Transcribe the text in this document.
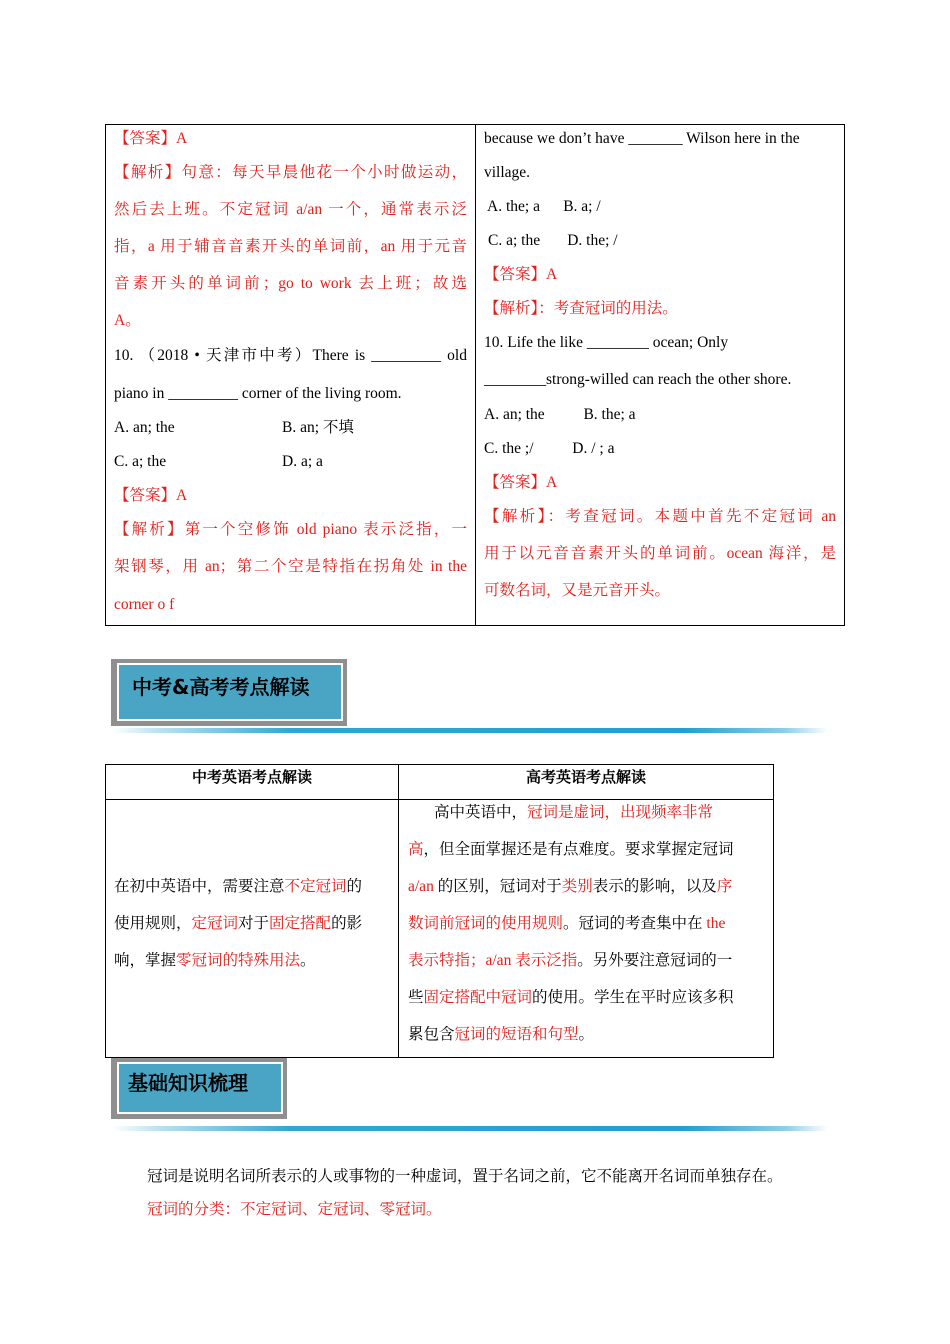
【答案】A
【解析】句意：每天早晨他花一个小时做运动，
然后去上班。不定冠词 a/an 一个，通常表示泛
指，a 用于辅音音素开头的单词前，an 用于元音
音素开头的单词前；go to work 去上班；故选
A。
10. （2018 • 天津市中考）There is _________ old
piano in _________ corner of the living room.
A. an; the	B. an; 不填
C. a; the	D. a; a
【答案】A
【解析】第一个空修饰 old piano 表示泛指，一
架钢琴，用 an；第二个空是特指在拐角处 in the
corner o f
because we don’t have _______ Wilson here in the
village.
A. the; a      B. a; /
C. a; the       D. the; /
【答案】A
【解析】：考查冠词的用法。
10. Life the like ________ ocean; Only
________strong-willed can reach the other shore.
A. an; the          B. the; a
C. the ;/          D. / ; a
【答案】A
【解析】：考查冠词。本题中首先不定冠词 an
用于以元音音素开头的单词前。ocean 海洋，是
可数名词，又是元音开头。
中考&高考考点解读
中考英语考点解读	高考英语考点解读
在初中英语中，需要注意不定冠词的
使用规则，定冠词对于固定搭配的影
响，掌握零冠词的特殊用法。
高中英语中，冠词是虚词，出现频率非常
高，但全面掌握还是有点难度。要求掌握定冠词
a/an 的区别，冠词对于类别表示的影响，以及序
数词前冠词的使用规则。冠词的考查集中在 the
表示特指；a/an 表示泛指。另外要注意冠词的一
些固定搭配中冠词的使用。学生在平时应该多积
累包含冠词的短语和句型。
基础知识梳理
冠词是说明名词所表示的人或事物的一种虚词，置于名词之前，它不能离开名词而单独存在。
冠词的分类：不定冠词、定冠词、零冠词。
